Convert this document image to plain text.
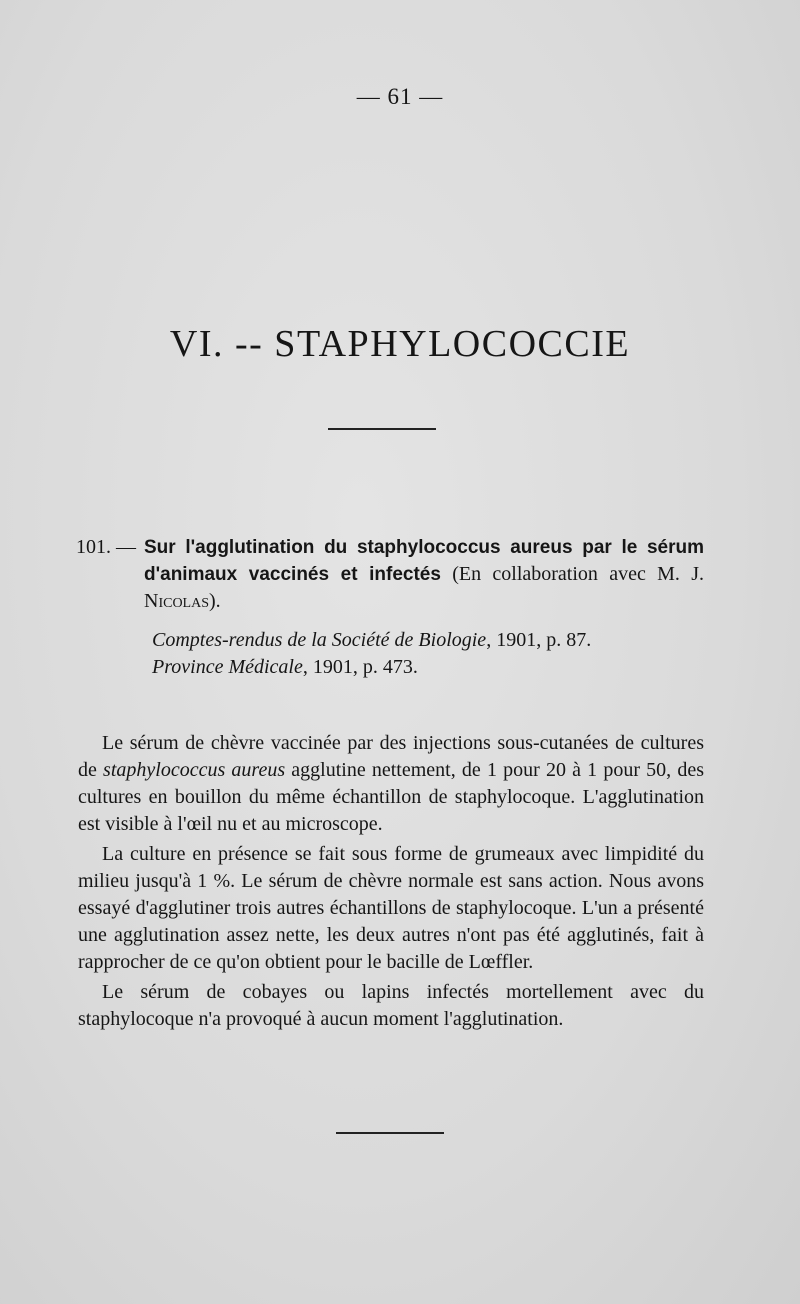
— 61 —
VI. -- STAPHYLOCOCCIE
101. — Sur l'agglutination du staphylococcus aureus par le sérum d'animaux vaccinés et infectés (En collaboration avec M. J. Nicolas).
Comptes-rendus de la Société de Biologie, 1901, p. 87.
Province Médicale, 1901, p. 473.

Le sérum de chèvre vaccinée par des injections sous-cutanées de cultures de staphylococcus aureus agglutine nettement, de 1 pour 20 à 1 pour 50, des cultures en bouillon du même échantillon de staphylocoque. L'agglutination est visible à l'œil nu et au microscope.

La culture en présence se fait sous forme de grumeaux avec limpidité du milieu jusqu'à 1 %. Le sérum de chèvre normale est sans action. Nous avons essayé d'agglutiner trois autres échantillons de staphylocoque. L'un a présenté une agglutination assez nette, les deux autres n'ont pas été agglutinés, fait à rapprocher de ce qu'on obtient pour le bacille de Lœffler.

Le sérum de cobayes ou lapins infectés mortellement avec du staphylocoque n'a provoqué à aucun moment l'agglutination.
